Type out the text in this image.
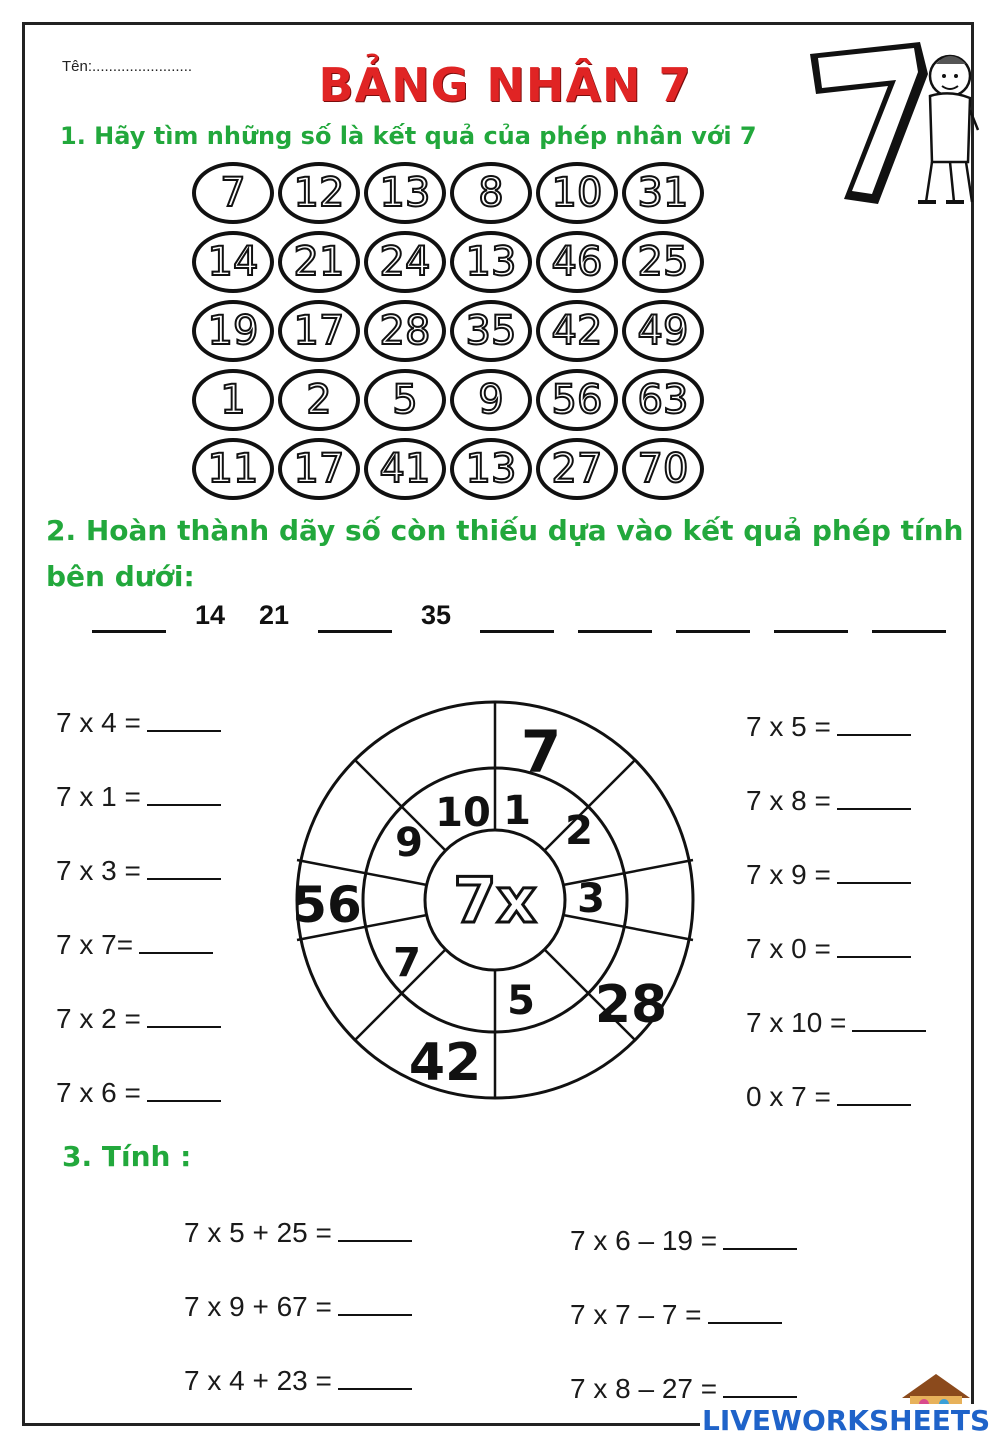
Tên:........................	BẢNG NHÂN 7
1. Hãy tìm những số là kết quả của phép nhân với 7
7	12 13	8	10 31
14 21 24 13 46 25
19 17 28 35 42 49
1	2	5	9	56 63
11 17 41 13 27 70
2. Hoàn thành dãy số còn thiếu dựa vào kết quả phép tính bên dưới:
14 21	35
7 x 4 =
7 x 1 =
7 x 3 =
7 x 7=
7 x 2 =
7 x 6 =
7 x 5 =
7 x 8 =
7 x 9 =
7 x 0 =
7 x 10 =
0 x 7 =
7x
10 1 2
3
5
7
9
7
28
42
56
3. Tính :
7 x 5 + 25 =
7 x 9 + 67 =
7 x 4 + 23 =
7 x 6 – 19 =
7 x 7 – 7 =
7 x 8 – 27 =
LIVEWORKSHEETS
